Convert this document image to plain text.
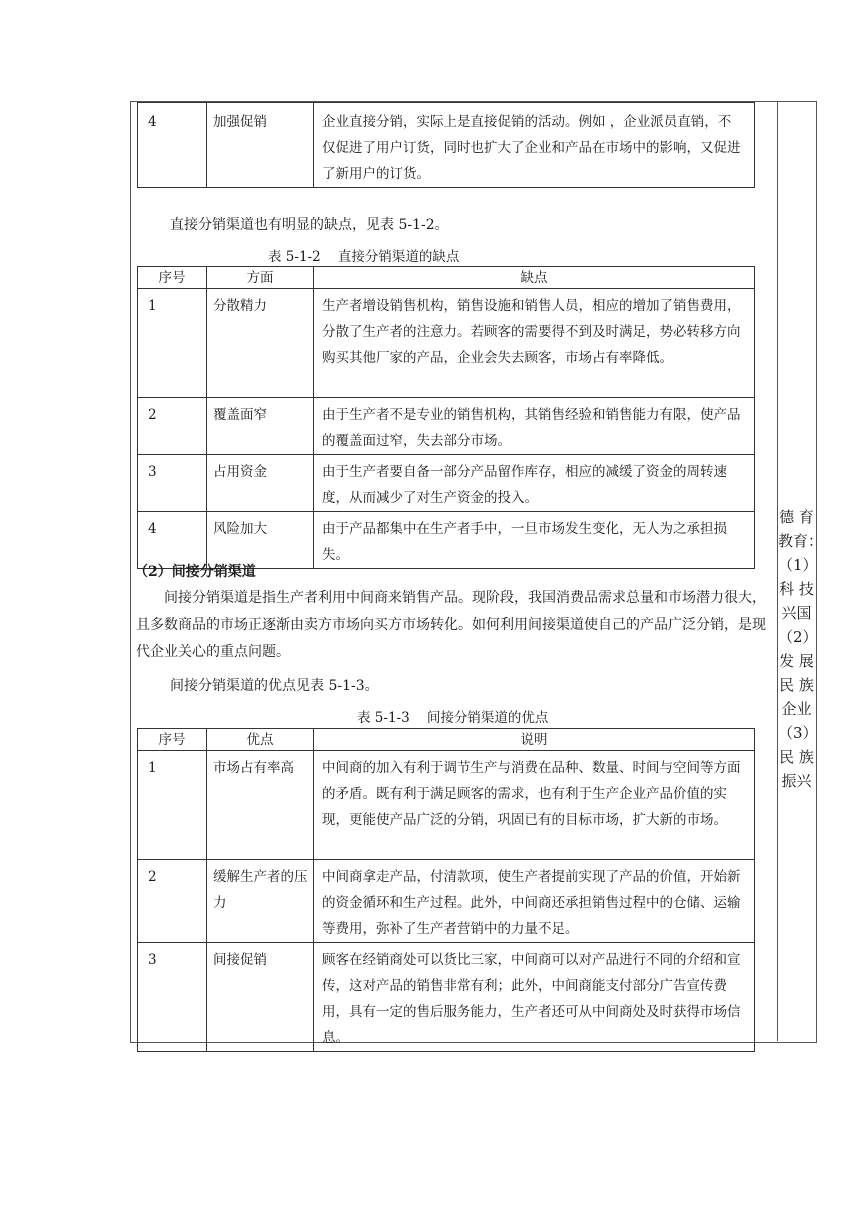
4	加强促销	企业直接分销，实际上是直接促销的活动。例如 ，企业派员直销，不仅促进了用户订货，同时也扩大了企业和产品在市场中的影响，又促进了新用户的订货。
直接分销渠道也有明显的缺点，见表 5-1-2。
表 5-1-2    直接分销渠道的缺点
序号	方面	缺点
1	分散精力	生产者增设销售机构，销售设施和销售人员，相应的增加了销售费用，分散了生产者的注意力。若顾客的需要得不到及时满足，势必转移方向购买其他厂家的产品，企业会失去顾客，市场占有率降低。
2	覆盖面窄	由于生产者不是专业的销售机构，其销售经验和销售能力有限，使产品的覆盖面过窄，失去部分市场。
3	占用资金	由于生产者要自备一部分产品留作库存，相应的减缓了资金的周转速度，从而减少了对生产资金的投入。
4	风险加大	由于产品都集中在生产者手中，一旦市场发生变化，无人为之承担损失。
（2）间接分销渠道
间接分销渠道是指生产者利用中间商来销售产品。现阶段，我国消费品需求总量和市场潜力很大，且多数商品的市场正逐渐由卖方市场向买方市场转化。如何利用间接渠道使自己的产品广泛分销，是现代企业关心的重点问题。
间接分销渠道的优点见表 5-1-3。
表 5-1-3    间接分销渠道的优点
序号	优点	说明
1	市场占有率高	中间商的加入有利于调节生产与消费在品种、数量、时间与空间等方面的矛盾。既有利于满足顾客的需求，也有利于生产企业产品价值的实现，更能使产品广泛的分销，巩固已有的目标市场，扩大新的市场。
2	缓解生产者的压力	中间商拿走产品，付清款项，使生产者提前实现了产品的价值，开始新的资金循环和生产过程。此外，中间商还承担销售过程中的仓储、运输等费用，弥补了生产者营销中的力量不足。
3	间接促销	顾客在经销商处可以货比三家，中间商可以对产品进行不同的介绍和宣传，这对产品的销售非常有利；此外，中间商能支付部分广告宣传费用，具有一定的售后服务能力，生产者还可从中间商处及时获得市场信息。
德 育
教育：
（1）
科 技
兴国
（2）
发 展
民 族
企业
（3）
民 族
振兴
